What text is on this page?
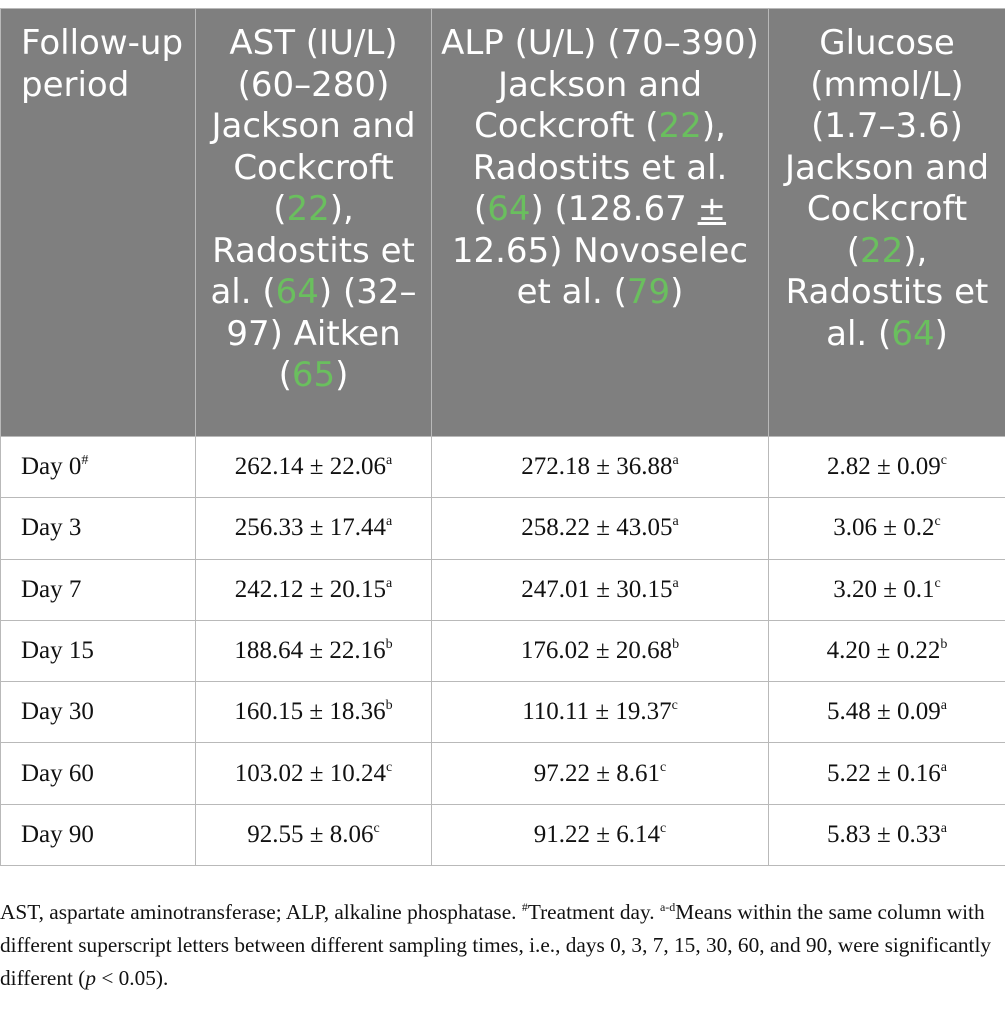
Follow-up period	AST (IU/L) (60–280) Jackson and Cockcroft (22), Radostits et al. (64) (32–97) Aitken (65)	ALP (U/L) (70–390) Jackson and Cockcroft (22), Radostits et al. (64) (128.67 ± 12.65) Novoselec et al. (79)	Glucose (mmol/L) (1.7–3.6) Jackson and Cockcroft (22), Radostits et al. (64)
Day 0#	262.14 ± 22.06$^a$	272.18 ± 36.88$^a$	2.82 ± 0.09$^c$
Day 3	256.33 ± 17.44$^a$	258.22 ± 43.05$^a$	3.06 ± 0.2$^c$
Day 7	242.12 ± 20.15$^a$	247.01 ± 30.15$^a$	3.20 ± 0.1$^c$
Day 15	188.64 ± 22.16$^b$	176.02 ± 20.68$^b$	4.20 ± 0.22$^b$
Day 30	160.15 ± 18.36$^b$	110.11 ± 19.37$^c$	5.48 ± 0.09$^a$
Day 60	103.02 ± 10.24$^c$	97.22 ± 8.61$^c$	5.22 ± 0.16$^a$
Day 90	92.55 ± 8.06$^c$	91.22 ± 6.14$^c$	5.83 ± 0.33$^a$
AST, aspartate aminotransferase; ALP, alkaline phosphatase. #Treatment day. $^{a-d}$Means within the same column with different superscript letters between different sampling times, i.e., days 0, 3, 7, 15, 30, 60, and 90, were significantly different (p < 0.05).
